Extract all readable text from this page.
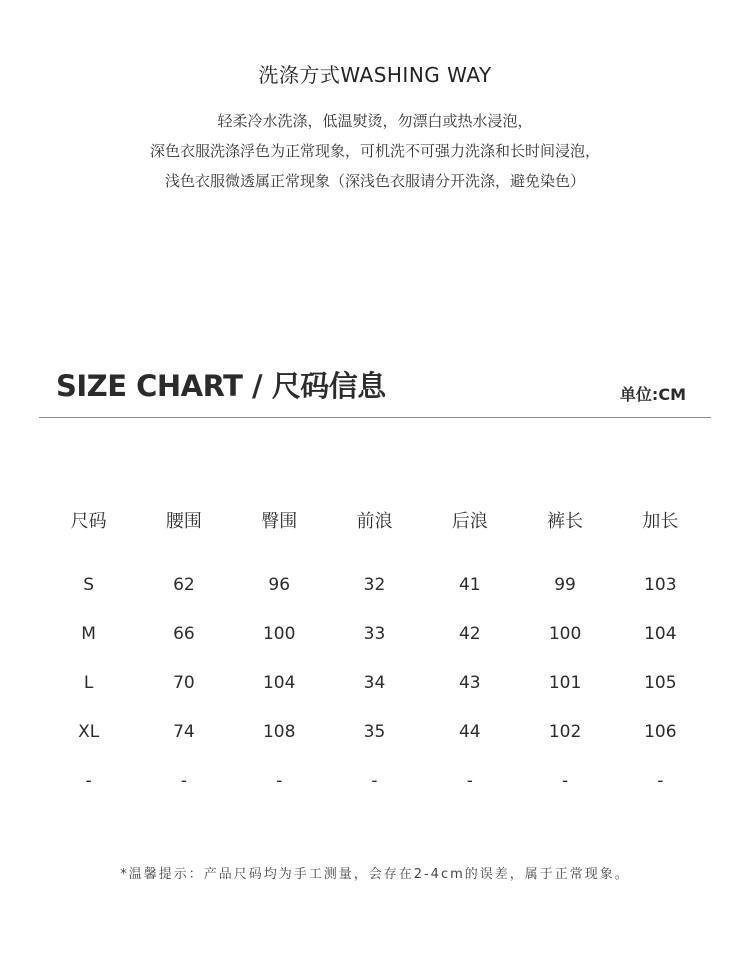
洗涤方式WASHING WAY
轻柔冷水洗涤，低温熨烫，勿漂白或热水浸泡，
深色衣服洗涤浮色为正常现象，可机洗不可强力洗涤和长时间浸泡，
浅色衣服微透属正常现象（深浅色衣服请分开洗涤，避免染色）
SIZE CHART / 尺码信息	单位:CM
尺码	腰围	臀围	前浪	后浪	裤长	加长
S	62	96	32	41	99	103
M	66	100	33	42	100	104
L	70	104	34	43	101	105
XL	74	108	35	44	102	106
-	-	-	-	-	-	-
*温馨提示：产品尺码均为手工测量，会存在2-4cm的误差，属于正常现象。
